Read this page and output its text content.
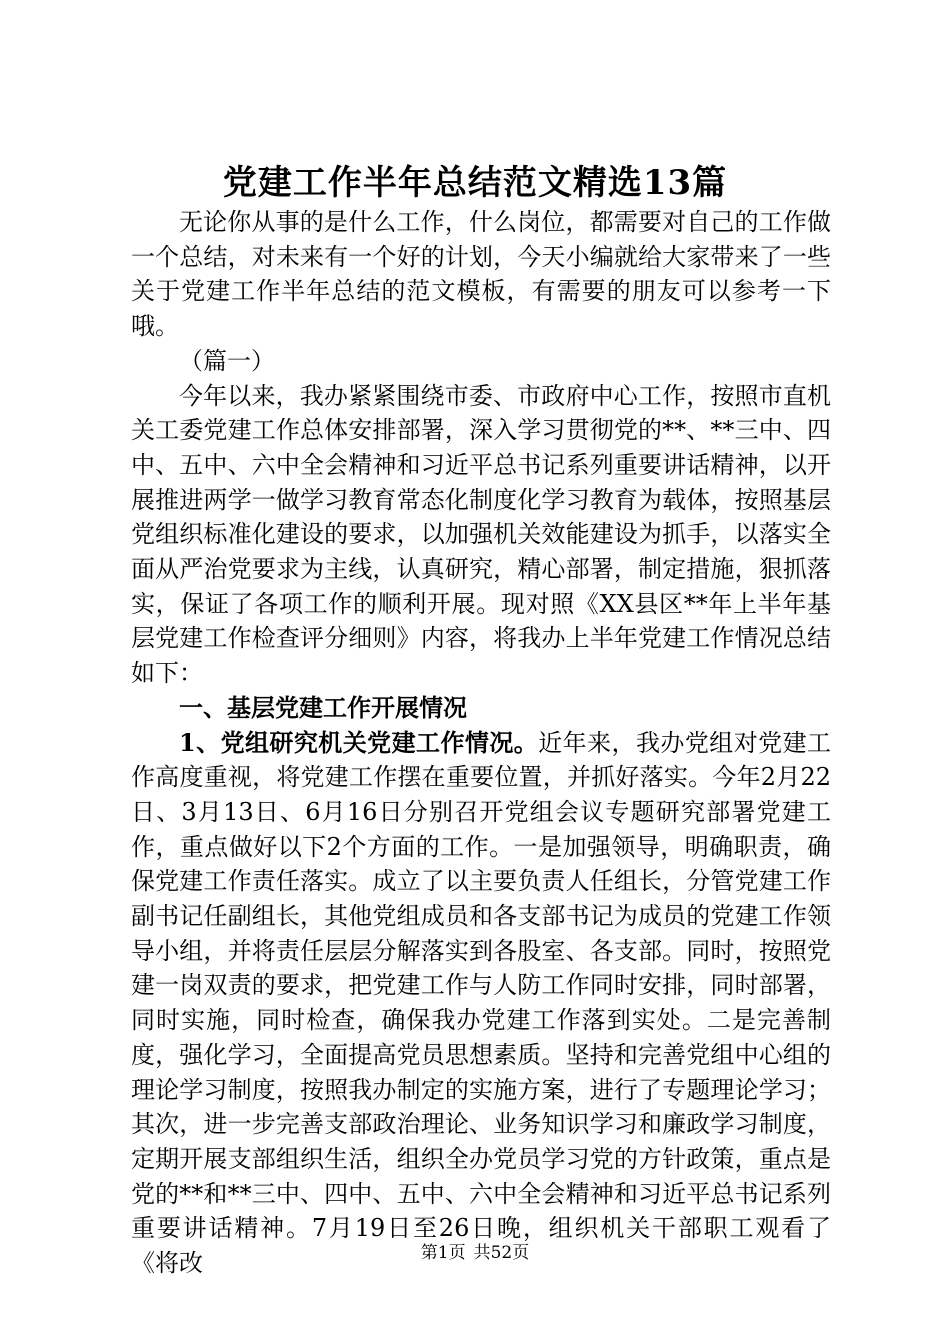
党建工作半年总结范文精选13篇

无论你从事的是什么工作，什么岗位，都需要对自己的工作做一个总结，对未来有一个好的计划，今天小编就给大家带来了一些关于党建工作半年总结的范文模板，有需要的朋友可以参考一下哦。

（篇一）

今年以来，我办紧紧围绕市委、市政府中心工作，按照市直机关工委党建工作总体安排部署，深入学习贯彻党的**、**三中、四中、五中、六中全会精神和习近平总书记系列重要讲话精神，以开展推进两学一做学习教育常态化制度化学习教育为载体，按照基层党组织标准化建设的要求，以加强机关效能建设为抓手，以落实全面从严治党要求为主线，认真研究，精心部署，制定措施，狠抓落实，保证了各项工作的顺利开展。现对照《XX县区**年上半年基层党建工作检查评分细则》内容，将我办上半年党建工作情况总结如下：

一、基层党建工作开展情况

1、党组研究机关党建工作情况。近年来，我办党组对党建工作高度重视，将党建工作摆在重要位置，并抓好落实。今年2月22日、3月13日、6月16日分别召开党组会议专题研究部署党建工作，重点做好以下2个方面的工作。一是加强领导，明确职责，确保党建工作责任落实。成立了以主要负责人任组长，分管党建工作副书记任副组长，其他党组成员和各支部书记为成员的党建工作领导小组，并将责任层层分解落实到各股室、各支部。同时，按照党建一岗双责的要求，把党建工作与人防工作同时安排，同时部署，同时实施，同时检查，确保我办党建工作落到实处。二是完善制度，强化学习，全面提高党员思想素质。坚持和完善党组中心组的理论学习制度，按照我办制定的实施方案，进行了专题理论学习；其次，进一步完善支部政治理论、业务知识学习和廉政学习制度，定期开展支部组织生活，组织全办党员学习党的方针政策，重点是党的**和**三中、四中、五中、六中全会精神和习近平总书记系列重要讲话精神。7月19日至26日晚，组织机关干部职工观看了《将改	第1页 共52页
